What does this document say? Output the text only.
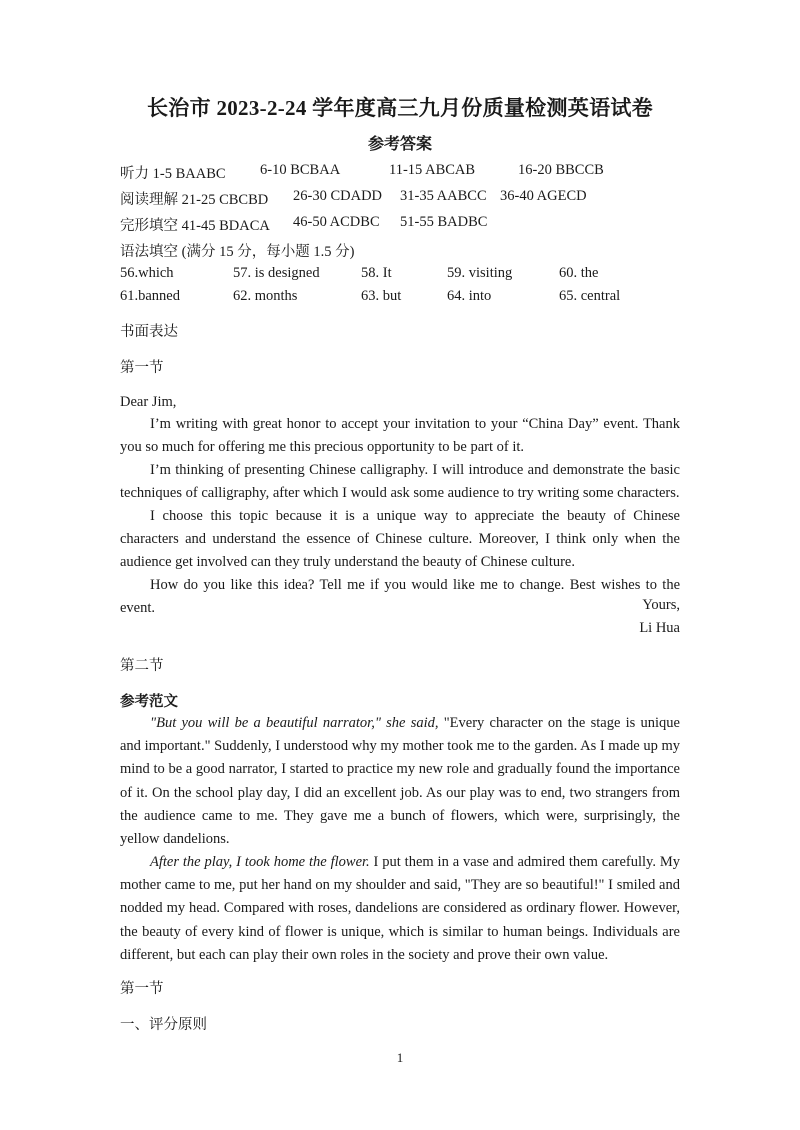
长治市 2023-2-24 学年度高三九月份质量检测英语试卷
参考答案
听力 1-5 BAABC 6-10 BCBAA	11-15 ABCAB	16-20 BBCCB
阅读理解 21-25 CBCBD 26-30 CDADD 31-35 AABCC 36-40 AGECD
完形填空 41-45 BDACA 46-50 ACDBC 51-55 BADBC
语法填空 (满分 15 分，每小题 1.5 分)
56.which	57. is designed	58. It	59. visiting	60. the
61.banned	62. months	63. but	64. into	65. central
书面表达
第一节
Dear Jim,

I’m writing with great honor to accept your invitation to your “China Day” event. Thank you so much for offering me this precious opportunity to be part of it.

I’m thinking of presenting Chinese calligraphy. I will introduce and demonstrate the basic techniques of calligraphy, after which I would ask some audience to try writing some characters.

I choose this topic because it is a unique way to appreciate the beauty of Chinese characters and understand the essence of Chinese culture. Moreover, I think only when the audience get involved can they truly understand the beauty of Chinese culture.

How do you like this idea? Tell me if you would like me to change. Best wishes to the event.	Yours,
Li Hua
第二节
参考范文

"But you will be a beautiful narrator," she said, "Every character on the stage is unique and important." Suddenly, I understood why my mother took me to the garden. As I made up my mind to be a good narrator, I started to practice my new role and gradually found the importance of it. On the school play day, I did an excellent job. As our play was to end, two strangers from the audience came to me. They gave me a bunch of flowers, which were, surprisingly, the yellow dandelions.

After the play, I took home the flower. I put them in a vase and admired them carefully. My mother came to me, put her hand on my shoulder and said, "They are so beautiful!" I smiled and nodded my head. Compared with roses, dandelions are considered as ordinary flower. However, the beauty of every kind of flower is unique, which is similar to human beings. Individuals are different, but each can play their own roles in the society and prove their own value.

第一节
一、评分原则
1
